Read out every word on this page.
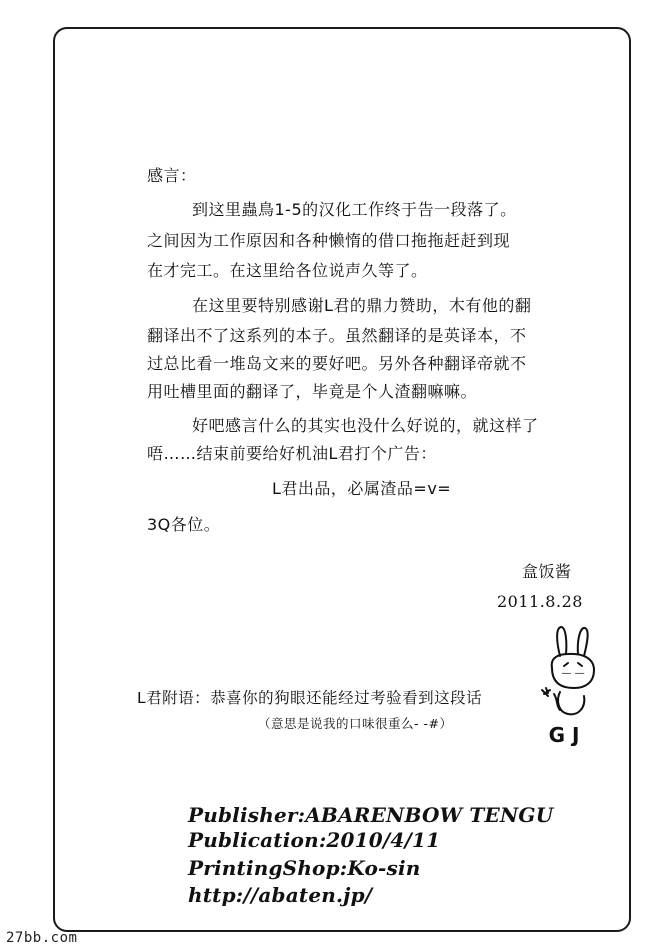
感言：
到这里蟲鳥1-5的汉化工作终于告一段落了。
之间因为工作原因和各种懒惰的借口拖拖赶赶到现
在才完工。在这里给各位说声久等了。
在这里要特别感谢L君的鼎力赞助，木有他的翻
翻译出不了这系列的本子。虽然翻译的是英译本，不
过总比看一堆岛文来的要好吧。另外各种翻译帝就不
用吐槽里面的翻译了，毕竟是个人渣翻嘛嘛。
好吧感言什么的其实也没什么好说的，就这样了
唔……结束前要给好机油L君打个广告：
L君出品，必属渣品=v=
3Q各位。
盒饭酱
2011.8.28
L君附语：恭喜你的狗眼还能经过考验看到这段话
（意思是说我的口味很重么- -#）
— —
G J
Publisher:ABARENBOW TENGU
Publication:2010/4/11
PrintingShop:Ko-sin
http://abaten.jp/
27bb.com
